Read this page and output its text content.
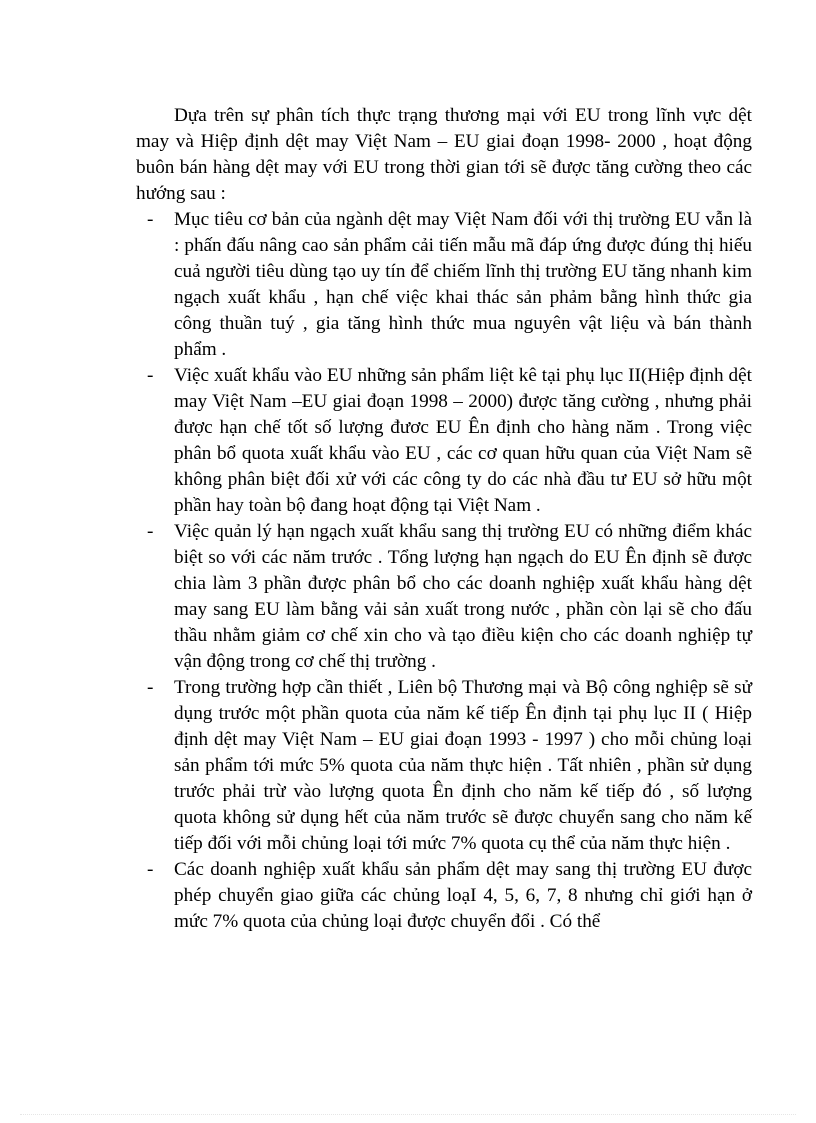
Dựa trên sự phân tích thực trạng thương mại với EU trong lĩnh vực dệt may và Hiệp định dệt may Việt Nam – EU giai đoạn 1998- 2000 , hoạt động buôn bán hàng dệt may với EU trong thời gian tới sẽ được tăng cường theo các hướng sau :

- Mục tiêu cơ bản của ngành dệt may Việt Nam đối với thị trường EU vẫn là : phấn đấu nâng cao sản phẩm cải tiến mẫu mã đáp ứng được đúng thị hiếu cuả người tiêu dùng tạo uy tín để chiếm lĩnh thị trường EU tăng nhanh kim ngạch xuất khẩu , hạn chế việc khai thác sản phảm bằng hình thức gia công thuần tuý , gia tăng hình thức mua nguyên vật liệu và bán thành phẩm .
- Việc xuất khẩu vào EU những sản phẩm liệt kê tại phụ lục II(Hiệp định dệt may Việt Nam –EU giai đoạn 1998 – 2000) được tăng cường , nhưng phải được hạn chế tốt số lượng đươc EU Ên định cho hàng năm . Trong việc phân bổ quota xuất khẩu vào EU , các cơ quan hữu quan của Việt Nam sẽ không phân biệt đối xử với các công ty do các nhà đầu tư EU sở hữu một phần hay toàn bộ đang hoạt động tại Việt Nam .
- Việc quản lý hạn ngạch xuất khẩu sang thị trường EU có những điểm khác biệt so với các năm trước . Tổng lượng hạn ngạch do EU Ên định sẽ được chia làm 3 phần được phân bổ cho các doanh nghiệp xuất khẩu hàng dệt may sang EU làm bằng vải sản xuất trong nước , phần còn lại sẽ cho đấu thầu nhằm giảm cơ chế xin cho và tạo điều kiện cho các doanh nghiệp tự vận động trong cơ chế thị trường .
- Trong trường hợp cần thiết , Liên bộ Thương mại và Bộ công nghiệp sẽ sử dụng trước một phần quota của năm kế tiếp Ên định tại phụ lục II ( Hiệp định dệt may Việt Nam – EU giai đoạn 1993 - 1997 ) cho mỗi chủng loại sản phẩm tới mức 5% quota của năm thực hiện . Tất nhiên , phần sử dụng trước phải trừ vào lượng quota Ên định cho năm kế tiếp đó , số lượng quota không sử dụng hết của năm trước sẽ được chuyển sang cho năm kế tiếp đối với mỗi chủng loại tới mức 7% quota cụ thể của năm thực hiện .
- Các doanh nghiệp xuất khẩu sản phẩm dệt may sang thị trường EU được phép chuyển giao giữa các chủng loạI 4, 5, 6, 7, 8 nhưng chỉ giới hạn ở mức 7% quota của chủng loại được chuyển đổi . Có thể
